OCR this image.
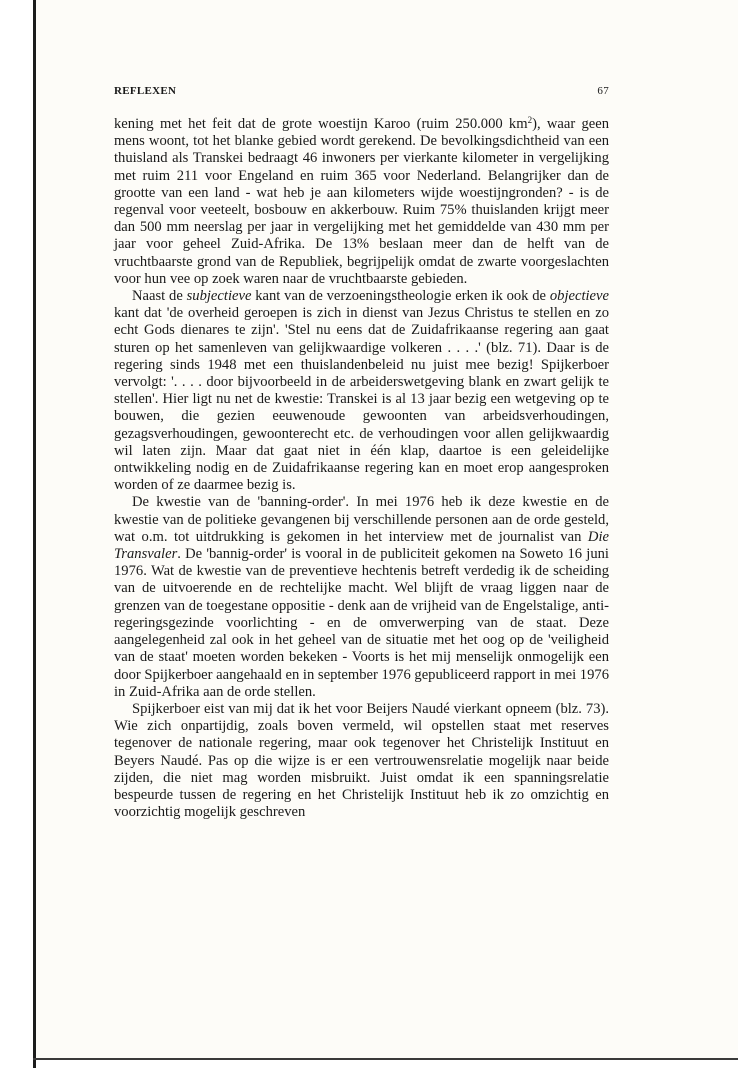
REFLEXEN	67

kening met het feit dat de grote woestijn Karoo (ruim 250.000 $km^2$), waar geen mens woont, tot het blanke gebied wordt gerekend. De bevolkingsdichtheid van een thuisland als Transkei bedraagt 46 inwoners per vierkante kilometer in vergelijking met ruim 211 voor Engeland en ruim 365 voor Nederland. Belangrijker dan de grootte van een land - wat heb je aan kilometers wijde woestijngronden? - is de regenval voor veeteelt, bosbouw en akkerbouw. Ruim 75% thuislanden krijgt meer dan 500 mm neerslag per jaar in vergelijking met het gemiddelde van 430 mm per jaar voor geheel Zuid-Afrika. De 13% beslaan meer dan de helft van de vruchtbaarste grond van de Republiek, begrijpelijk omdat de zwarte voorgeslachten voor hun vee op zoek waren naar de vruchtbaarste gebieden.

Naast de subjectieve kant van de verzoeningstheologie erken ik ook de objectieve kant dat 'de overheid geroepen is zich in dienst van Jezus Christus te stellen en zo echt Gods dienares te zijn'. 'Stel nu eens dat de Zuidafrikaanse regering aan gaat sturen op het samenleven van gelijkwaardige volkeren . . . .' (blz. 71). Daar is de regering sinds 1948 met een thuislandenbeleid nu juist mee bezig! Spijkerboer vervolgt: '. . . . door bijvoorbeeld in de arbeiderswetgeving blank en zwart gelijk te stellen'. Hier ligt nu net de kwestie: Transkei is al 13 jaar bezig een wetgeving op te bouwen, die gezien eeuwenoude gewoonten van arbeidsverhoudingen, gezagsverhoudingen, gewoonterecht etc. de verhoudingen voor allen gelijkwaardig wil laten zijn. Maar dat gaat niet in één klap, daartoe is een geleidelijke ontwikkeling nodig en de Zuidafrikaanse regering kan en moet erop aangesproken worden of ze daarmee bezig is.

De kwestie van de 'banning-order'. In mei 1976 heb ik deze kwestie en de kwestie van de politieke gevangenen bij verschillende personen aan de orde gesteld, wat o.m. tot uitdrukking is gekomen in het interview met de journalist van Die Transvaler. De 'bannig-order' is vooral in de publiciteit gekomen na Soweto 16 juni 1976. Wat de kwestie van de preventieve hechtenis betreft verdedig ik de scheiding van de uitvoerende en de rechtelijke macht. Wel blijft de vraag liggen naar de grenzen van de toegestane oppositie - denk aan de vrijheid van de Engelstalige, anti-regeringsgezinde voorlichting - en de omverwerping van de staat. Deze aangelegenheid zal ook in het geheel van de situatie met het oog op de 'veiligheid van de staat' moeten worden bekeken - Voorts is het mij menselijk onmogelijk een door Spijkerboer aangehaald en in september 1976 gepubliceerd rapport in mei 1976 in Zuid-Afrika aan de orde stellen.

Spijkerboer eist van mij dat ik het voor Beijers Naudé vierkant opneem (blz. 73). Wie zich onpartijdig, zoals boven vermeld, wil opstellen staat met reserves tegenover de nationale regering, maar ook tegenover het Christelijk Instituut en Beyers Naudé. Pas op die wijze is er een vertrouwensrelatie mogelijk naar beide zijden, die niet mag worden misbruikt. Juist omdat ik een spanningsrelatie bespeurde tussen de regering en het Christelijk Instituut heb ik zo omzichtig en voorzichtig mogelijk geschreven
